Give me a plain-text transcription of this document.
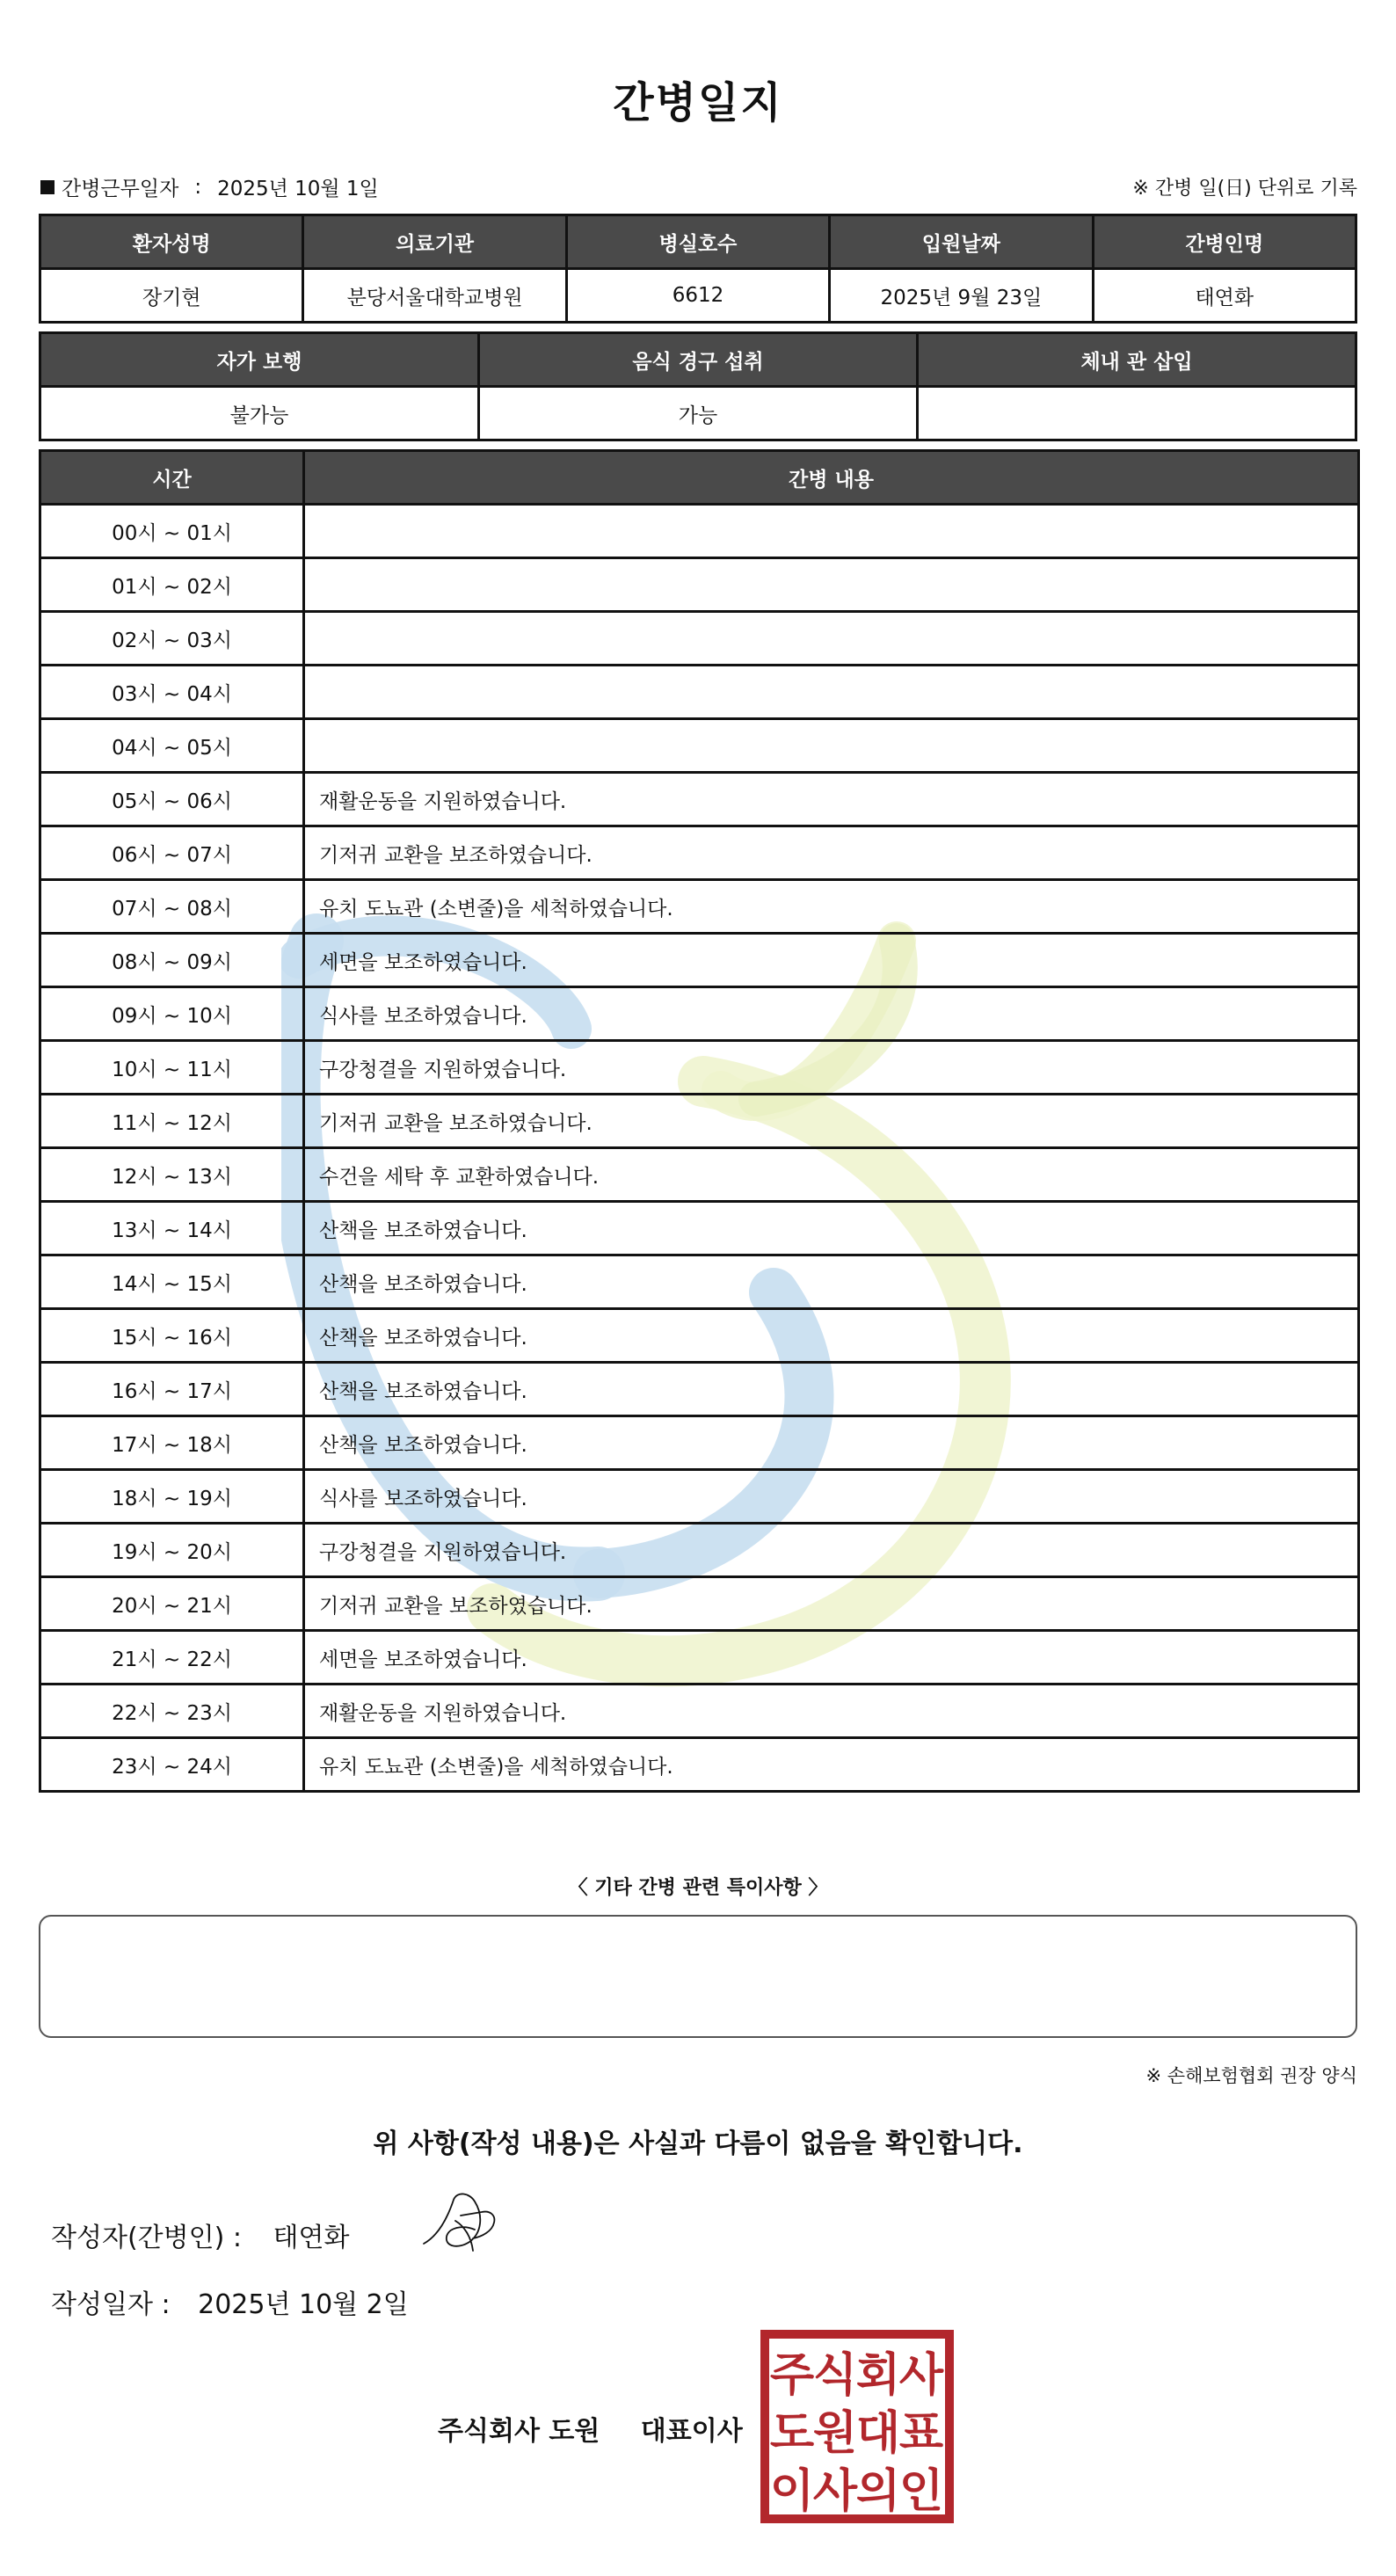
간병일지
간병근무일자 : 2025년 10월 1일	※ 간병 일(日) 단위로 기록
환자성명	의료기관	병실호수	입원날짜	간병인명
장기현	분당서울대학교병원	6612	2025년 9월 23일	태연화
자가 보행	음식 경구 섭취	체내 관 삽입
불가능	가능	
시간	간병 내용
00시 ~ 01시	
01시 ~ 02시	
02시 ~ 03시	
03시 ~ 04시	
04시 ~ 05시	
05시 ~ 06시	재활운동을 지원하였습니다.
06시 ~ 07시	기저귀 교환을 보조하였습니다.
07시 ~ 08시	유치 도뇨관 (소변줄)을 세척하였습니다.
08시 ~ 09시	세면을 보조하였습니다.
09시 ~ 10시	식사를 보조하였습니다.
10시 ~ 11시	구강청결을 지원하였습니다.
11시 ~ 12시	기저귀 교환을 보조하였습니다.
12시 ~ 13시	수건을 세탁 후 교환하였습니다.
13시 ~ 14시	산책을 보조하였습니다.
14시 ~ 15시	산책을 보조하였습니다.
15시 ~ 16시	산책을 보조하였습니다.
16시 ~ 17시	산책을 보조하였습니다.
17시 ~ 18시	산책을 보조하였습니다.
18시 ~ 19시	식사를 보조하였습니다.
19시 ~ 20시	구강청결을 지원하였습니다.
20시 ~ 21시	기저귀 교환을 보조하였습니다.
21시 ~ 22시	세면을 보조하였습니다.
22시 ~ 23시	재활운동을 지원하였습니다.
23시 ~ 24시	유치 도뇨관 (소변줄)을 세척하였습니다.
〈 기타 간병 관련 특이사항 〉
※ 손해보험협회 권장 양식
위 사항(작성 내용)은 사실과 다름이 없음을 확인합니다.
작성자(간병인) : 태연화
작성일자 : 2025년 10월 2일
주식회사 도원 대표이사
주
식
회
사
도
원
대
표
이
사
의
인
